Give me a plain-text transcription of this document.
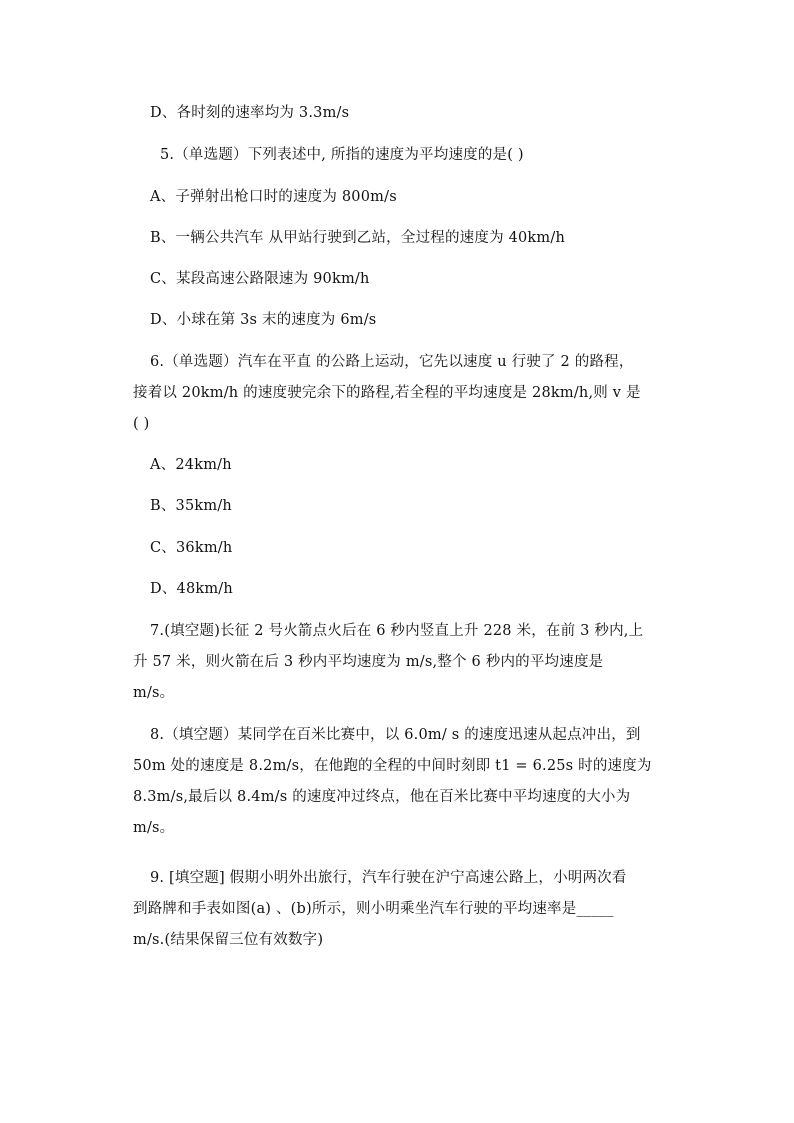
D、各时刻的速率均为 3.3m/s
5.（单选题）下列表述中, 所指的速度为平均速度的是( )
A、子弹射出枪口时的速度为 800m/s
B、一辆公共汽车 从甲站行驶到乙站，全过程的速度为 40km/h
C、某段高速公路限速为 90km/h
D、小球在第 3s 末的速度为 6m/s
6.（单选题）汽车在平直 的公路上运动，它先以速度 u 行驶了 2 的路程，
接着以 20km/h 的速度驶完余下的路程,若全程的平均速度是 28km/h,则 v 是
( )
A、24km/h
B、35km/h
C、36km/h
D、48km/h
7.(填空题)长征 2 号火箭点火后在 6 秒内竖直上升 228 米，在前 3 秒内,上
升 57 米，则火箭在后 3 秒内平均速度为 m/s,整个 6 秒内的平均速度是
m/s。
8.（填空题）某同学在百米比赛中，以 6.0m/ s 的速度迅速从起点冲出，到
50m 处的速度是 8.2m/s，在他跑的全程的中间时刻即 t1 = 6.25s 时的速度为
8.3m/s,最后以 8.4m/s 的速度冲过终点，他在百米比赛中平均速度的大小为
m/s。
9. [填空题] 假期小明外出旅行，汽车行驶在沪宁高速公路上，小明两次看
到路牌和手表如图(a) 、(b)所示，则小明乘坐汽车行驶的平均速率是_____
m/s.(结果保留三位有效数字)
